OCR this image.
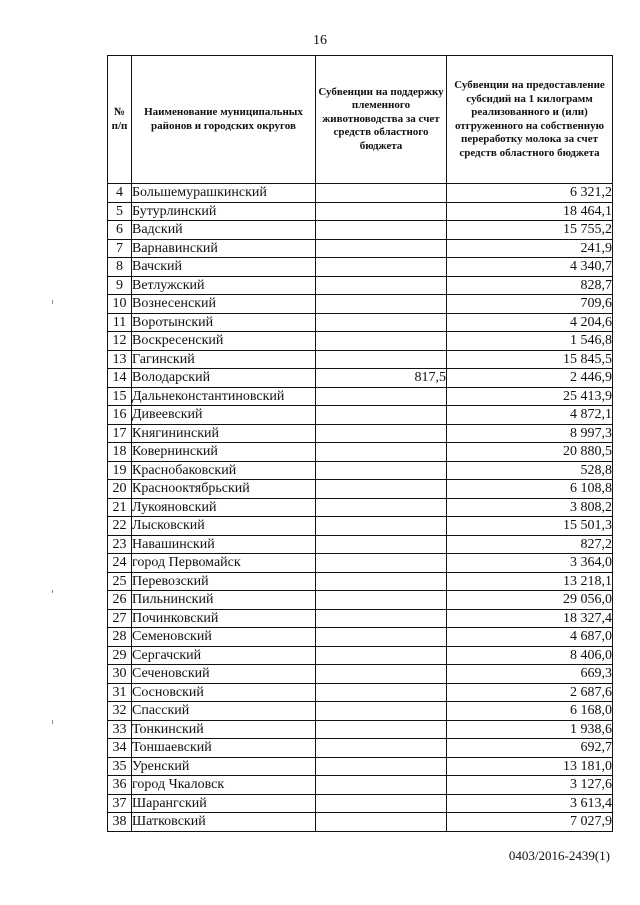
16
№ п/п	Наименование муниципальных районов и городских округов	Субвенции на поддержку племенного животноводства за счет средств областного бюджета	Субвенции на предоставление субсидий на 1 килограмм реализованного и (или) отгруженного на собственную переработку молока за счет средств областного бюджета
4	Большемурашкинский		6 321,2
5	Бутурлинский		18 464,1
6	Вадский		15 755,2
7	Варнавинский		241,9
8	Вачский		4 340,7
9	Ветлужский		828,7
10	Вознесенский		709,6
11	Воротынский		4 204,6
12	Воскресенский		1 546,8
13	Гагинский		15 845,5
14	Володарский	817,5	2 446,9
15	Дальнеконстантиновский		25 413,9
16	Дивеевский		4 872,1
17	Княгининский		8 997,3
18	Ковернинский		20 880,5
19	Краснобаковский		528,8
20	Краснооктябрьский		6 108,8
21	Лукояновский		3 808,2
22	Лысковский		15 501,3
23	Навашинский		827,2
24	город Первомайск		3 364,0
25	Перевозский		13 218,1
26	Пильнинский		29 056,0
27	Починковский		18 327,4
28	Семеновский		4 687,0
29	Сергачский		8 406,0
30	Сеченовский		669,3
31	Сосновский		2 687,6
32	Спасский		6 168,0
33	Тонкинский		1 938,6
34	Тоншаевский		692,7
35	Уренский		13 181,0
36	город Чкаловск		3 127,6
37	Шарангский		3 613,4
38	Шатковский		7 027,9
0403/2016-2439(1)
